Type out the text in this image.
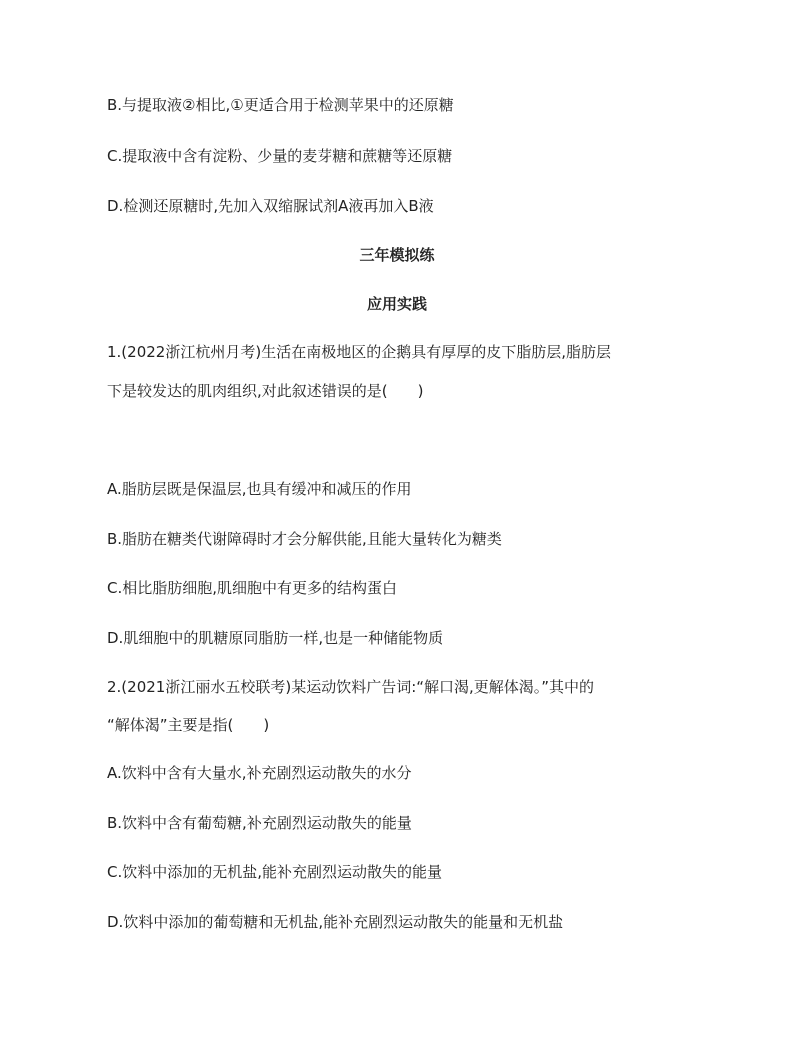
B.与提取液②相比,①更适合用于检测苹果中的还原糖
C.提取液中含有淀粉、少量的麦芽糖和蔗糖等还原糖
D.检测还原糖时,先加入双缩脲试剂A液再加入B液
三年模拟练
应用实践
1.(2022浙江杭州月考)生活在南极地区的企鹅具有厚厚的皮下脂肪层,脂肪层
下是较发达的肌肉组织,对此叙述错误的是(　　)
A.脂肪层既是保温层,也具有缓冲和减压的作用
B.脂肪在糖类代谢障碍时才会分解供能,且能大量转化为糖类
C.相比脂肪细胞,肌细胞中有更多的结构蛋白
D.肌细胞中的肌糖原同脂肪一样,也是一种储能物质
2.(2021浙江丽水五校联考)某运动饮料广告词:“解口渴,更解体渴。”其中的
“解体渴”主要是指(　　)
A.饮料中含有大量水,补充剧烈运动散失的水分
B.饮料中含有葡萄糖,补充剧烈运动散失的能量
C.饮料中添加的无机盐,能补充剧烈运动散失的能量
D.饮料中添加的葡萄糖和无机盐,能补充剧烈运动散失的能量和无机盐
